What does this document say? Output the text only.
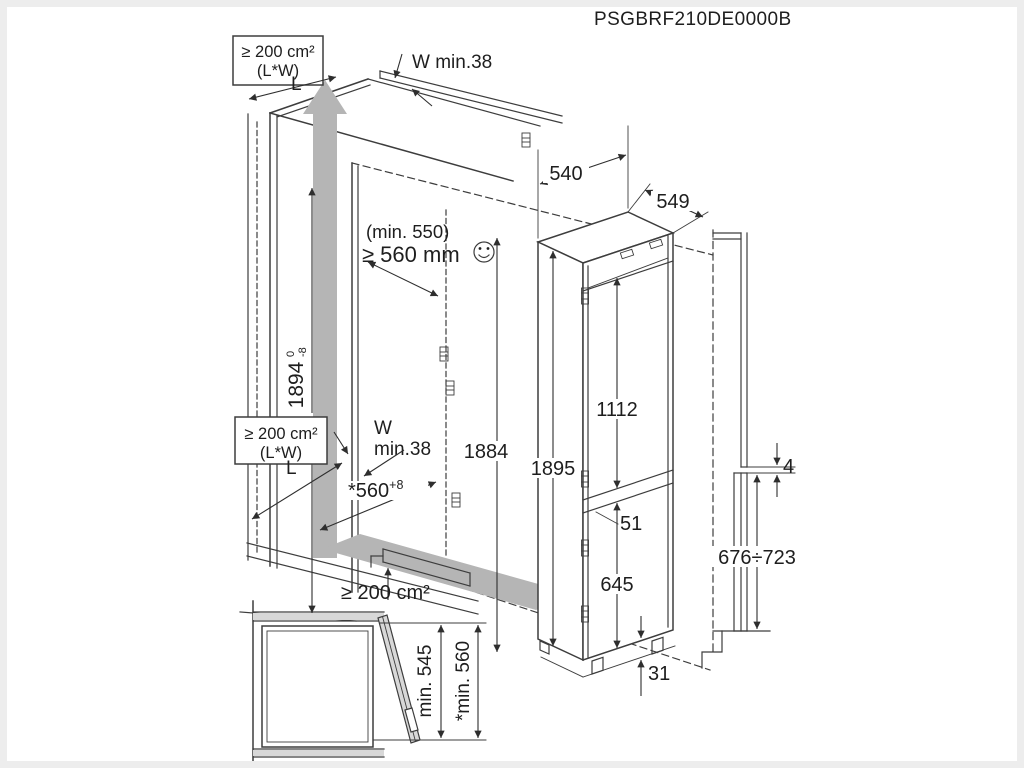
PSGBRF210DE0000B
≥ 200 cm²
(L*W)
L
W min.38
540
549
(min. 550)
≥ 560 mm
1894
0 -8
≥ 200 cm²
(L*W)
L
W
min.38
$*560^{+8}$
1884
≥ 200 cm²
1895
1112
51
645
31
4
676÷723
min. 545 *min. 560
